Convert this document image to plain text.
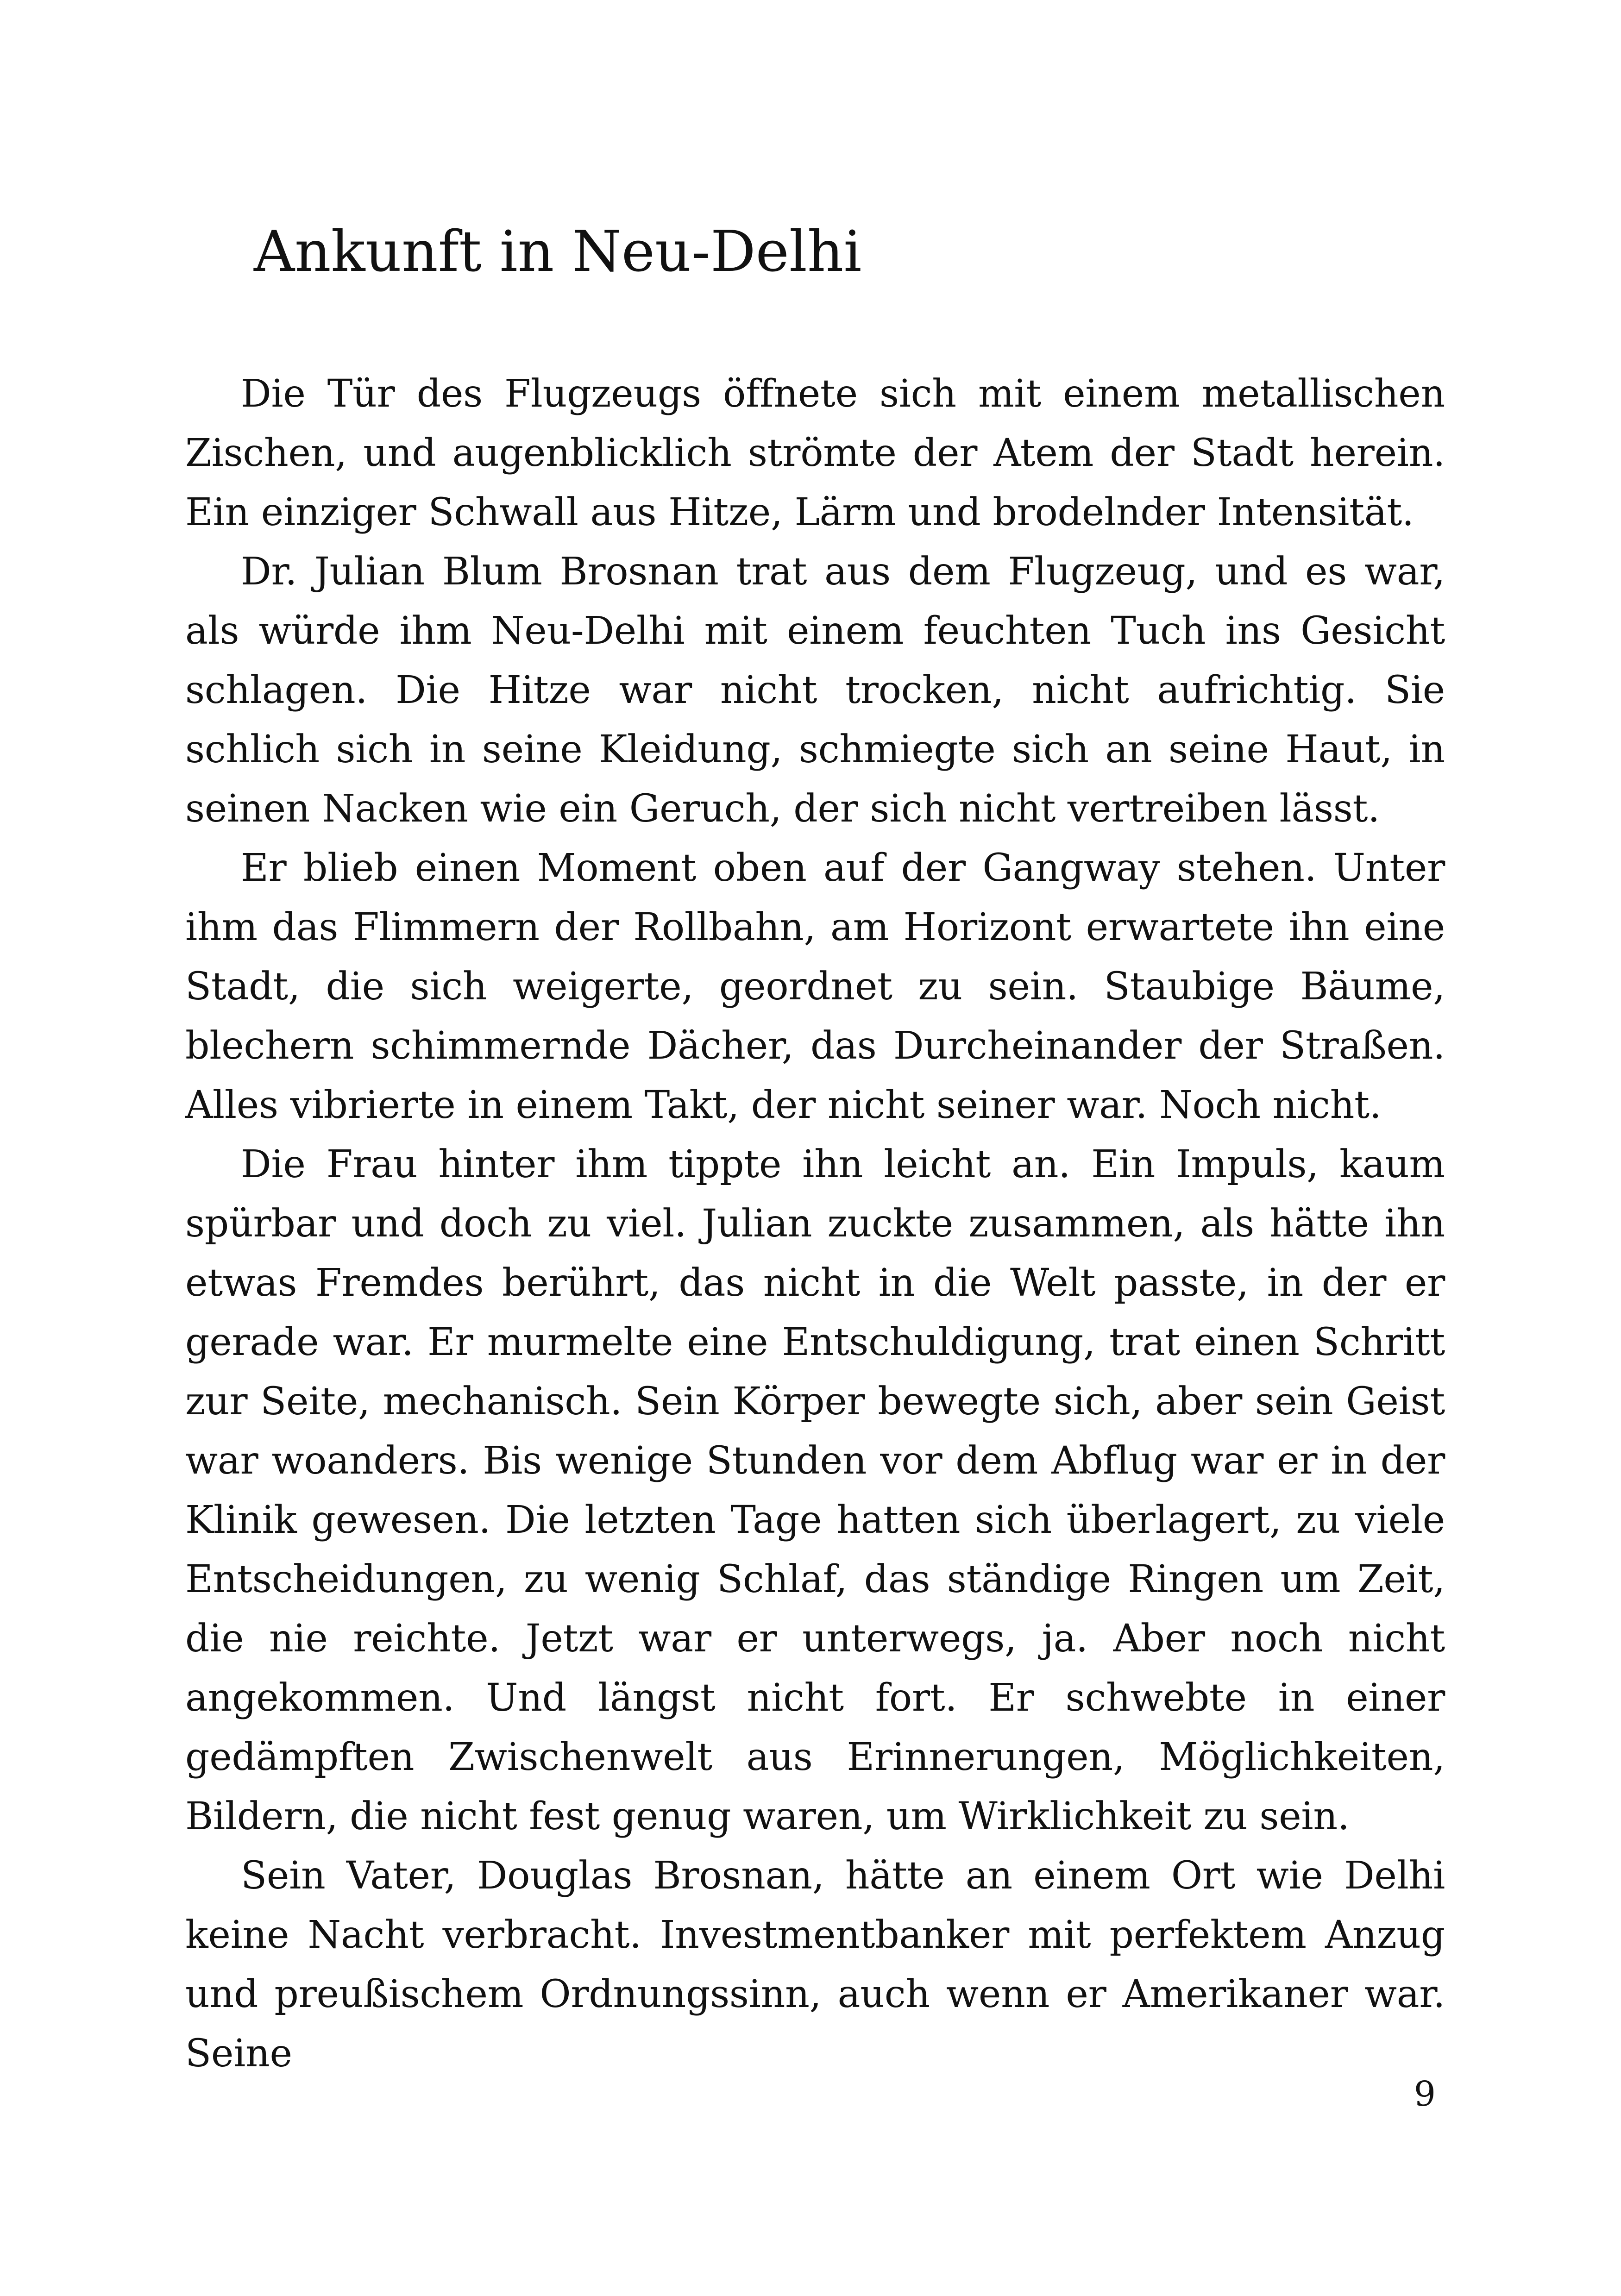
Ankunft in Neu-Delhi

Die Tür des Flugzeugs öffnete sich mit einem metallischen Zischen, und augenblicklich strömte der Atem der Stadt herein. Ein einziger Schwall aus Hitze, Lärm und brodelnder Intensität.

Dr. Julian Blum Brosnan trat aus dem Flugzeug, und es war, als würde ihm Neu-Delhi mit einem feuchten Tuch ins Gesicht schlagen. Die Hitze war nicht trocken, nicht aufrichtig. Sie schlich sich in seine Kleidung, schmiegte sich an seine Haut, in seinen Nacken wie ein Geruch, der sich nicht vertreiben lässt.

Er blieb einen Moment oben auf der Gangway stehen. Unter ihm das Flimmern der Rollbahn, am Horizont erwartete ihn eine Stadt, die sich weigerte, geordnet zu sein. Staubige Bäume, blechern schimmernde Dächer, das Durcheinander der Straßen. Alles vibrierte in einem Takt, der nicht seiner war. Noch nicht.

Die Frau hinter ihm tippte ihn leicht an. Ein Impuls, kaum spürbar und doch zu viel. Julian zuckte zusammen, als hätte ihn etwas Fremdes berührt, das nicht in die Welt passte, in der er gerade war. Er murmelte eine Entschuldigung, trat einen Schritt zur Seite, mechanisch. Sein Körper bewegte sich, aber sein Geist war woanders. Bis wenige Stunden vor dem Abflug war er in der Klinik gewesen. Die letzten Tage hatten sich überlagert, zu viele Entscheidungen, zu wenig Schlaf, das ständige Ringen um Zeit, die nie reichte. Jetzt war er unterwegs, ja. Aber noch nicht angekommen. Und längst nicht fort. Er schwebte in einer gedämpften Zwischenwelt aus Erinnerungen, Möglichkeiten, Bildern, die nicht fest genug waren, um Wirklichkeit zu sein.

Sein Vater, Douglas Brosnan, hätte an einem Ort wie Delhi keine Nacht verbracht. Investmentbanker mit perfektem Anzug und preußischem Ordnungssinn, auch wenn er Amerikaner war. Seine

9
